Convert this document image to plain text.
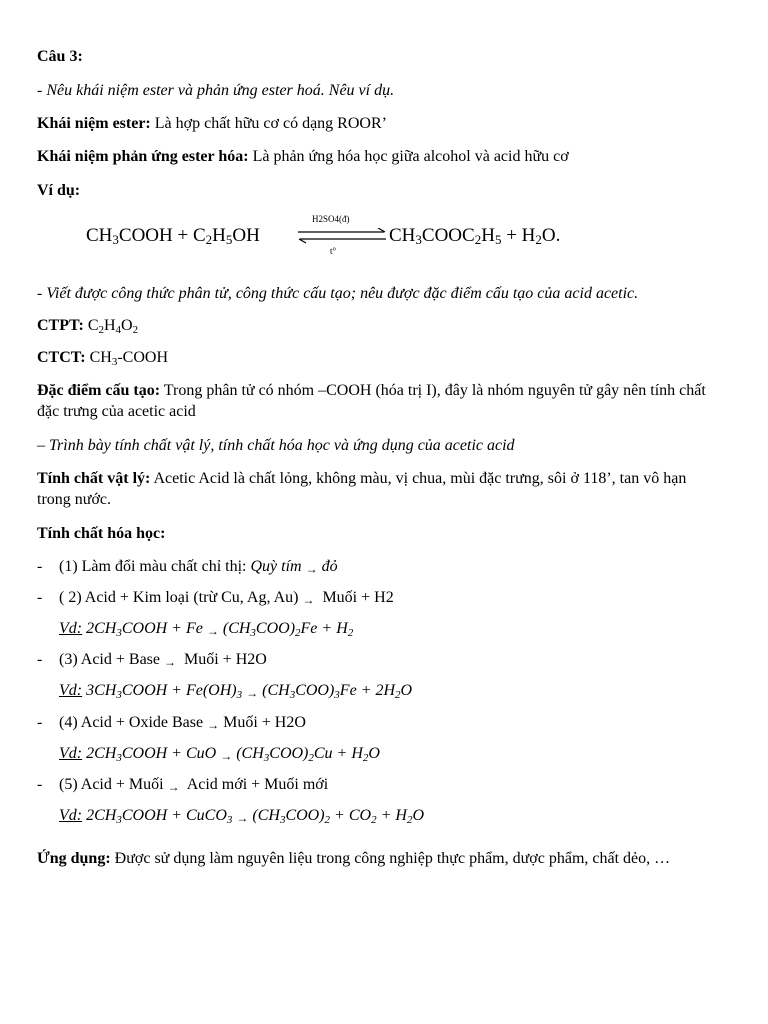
Câu 3:
- Nêu khái niệm ester và phản ứng ester hoá. Nêu ví dụ.
Khái niệm ester: Là hợp chất hữu cơ có dạng ROOR’
Khái niệm phản ứng ester hóa: Là phản ứng hóa học giữa alcohol và acid hữu cơ
Ví dụ:
- Viết được công thức phân tử, công thức cấu tạo; nêu được đặc điểm cấu tạo của acid acetic.
CTPT: $C_2H_4O_2$
CTCT: $CH_3$-COOH
Đặc điểm cấu tạo: Trong phân tử có nhóm –COOH (hóa trị I), đây là nhóm nguyên tử gây nên tính chất đặc trưng của acetic acid
– Trình bày tính chất vật lý, tính chất hóa học và ứng dụng của acetic acid
Tính chất vật lý: Acetic Acid là chất lỏng, không màu, vị chua, mùi đặc trưng, sôi ở 118’, tan vô hạn trong nước.
Tính chất hóa học:
- (1) Làm đổi màu chất chỉ thị: Quỳ tím → đỏ
- ( 2) Acid + Kim loại (trừ Cu, Ag, Au) → Muối + H2
Vd: $2CH_3COOH + Fe \to (CH_3COO)_2Fe + H_2$
- (3) Acid + Base → Muối + H2O
Vd: $3CH_3COOH + Fe(OH)_3 \to (CH_3COO)_3Fe + 2H_2O$
- (4) Acid + Oxide Base → Muối + H2O
Vd: $2CH_3COOH$ + CuO → $(CH_3COO)_2Cu + H_2O$
- (5) Acid + Muối → Acid mới + Muối mới
Vd: $2CH_3COOH$ + CuCO$_3$ → $(CH_3COO)_2 + CO_2 + H_2O$
Ứng dụng: Được sử dụng làm nguyên liệu trong công nghiệp thực phẩm, dược phẩm, chất dẻo, …
CH3COOH + C2H5OH
H2SO4(đ)
t°
CH3COOC2H5 + H2O.
